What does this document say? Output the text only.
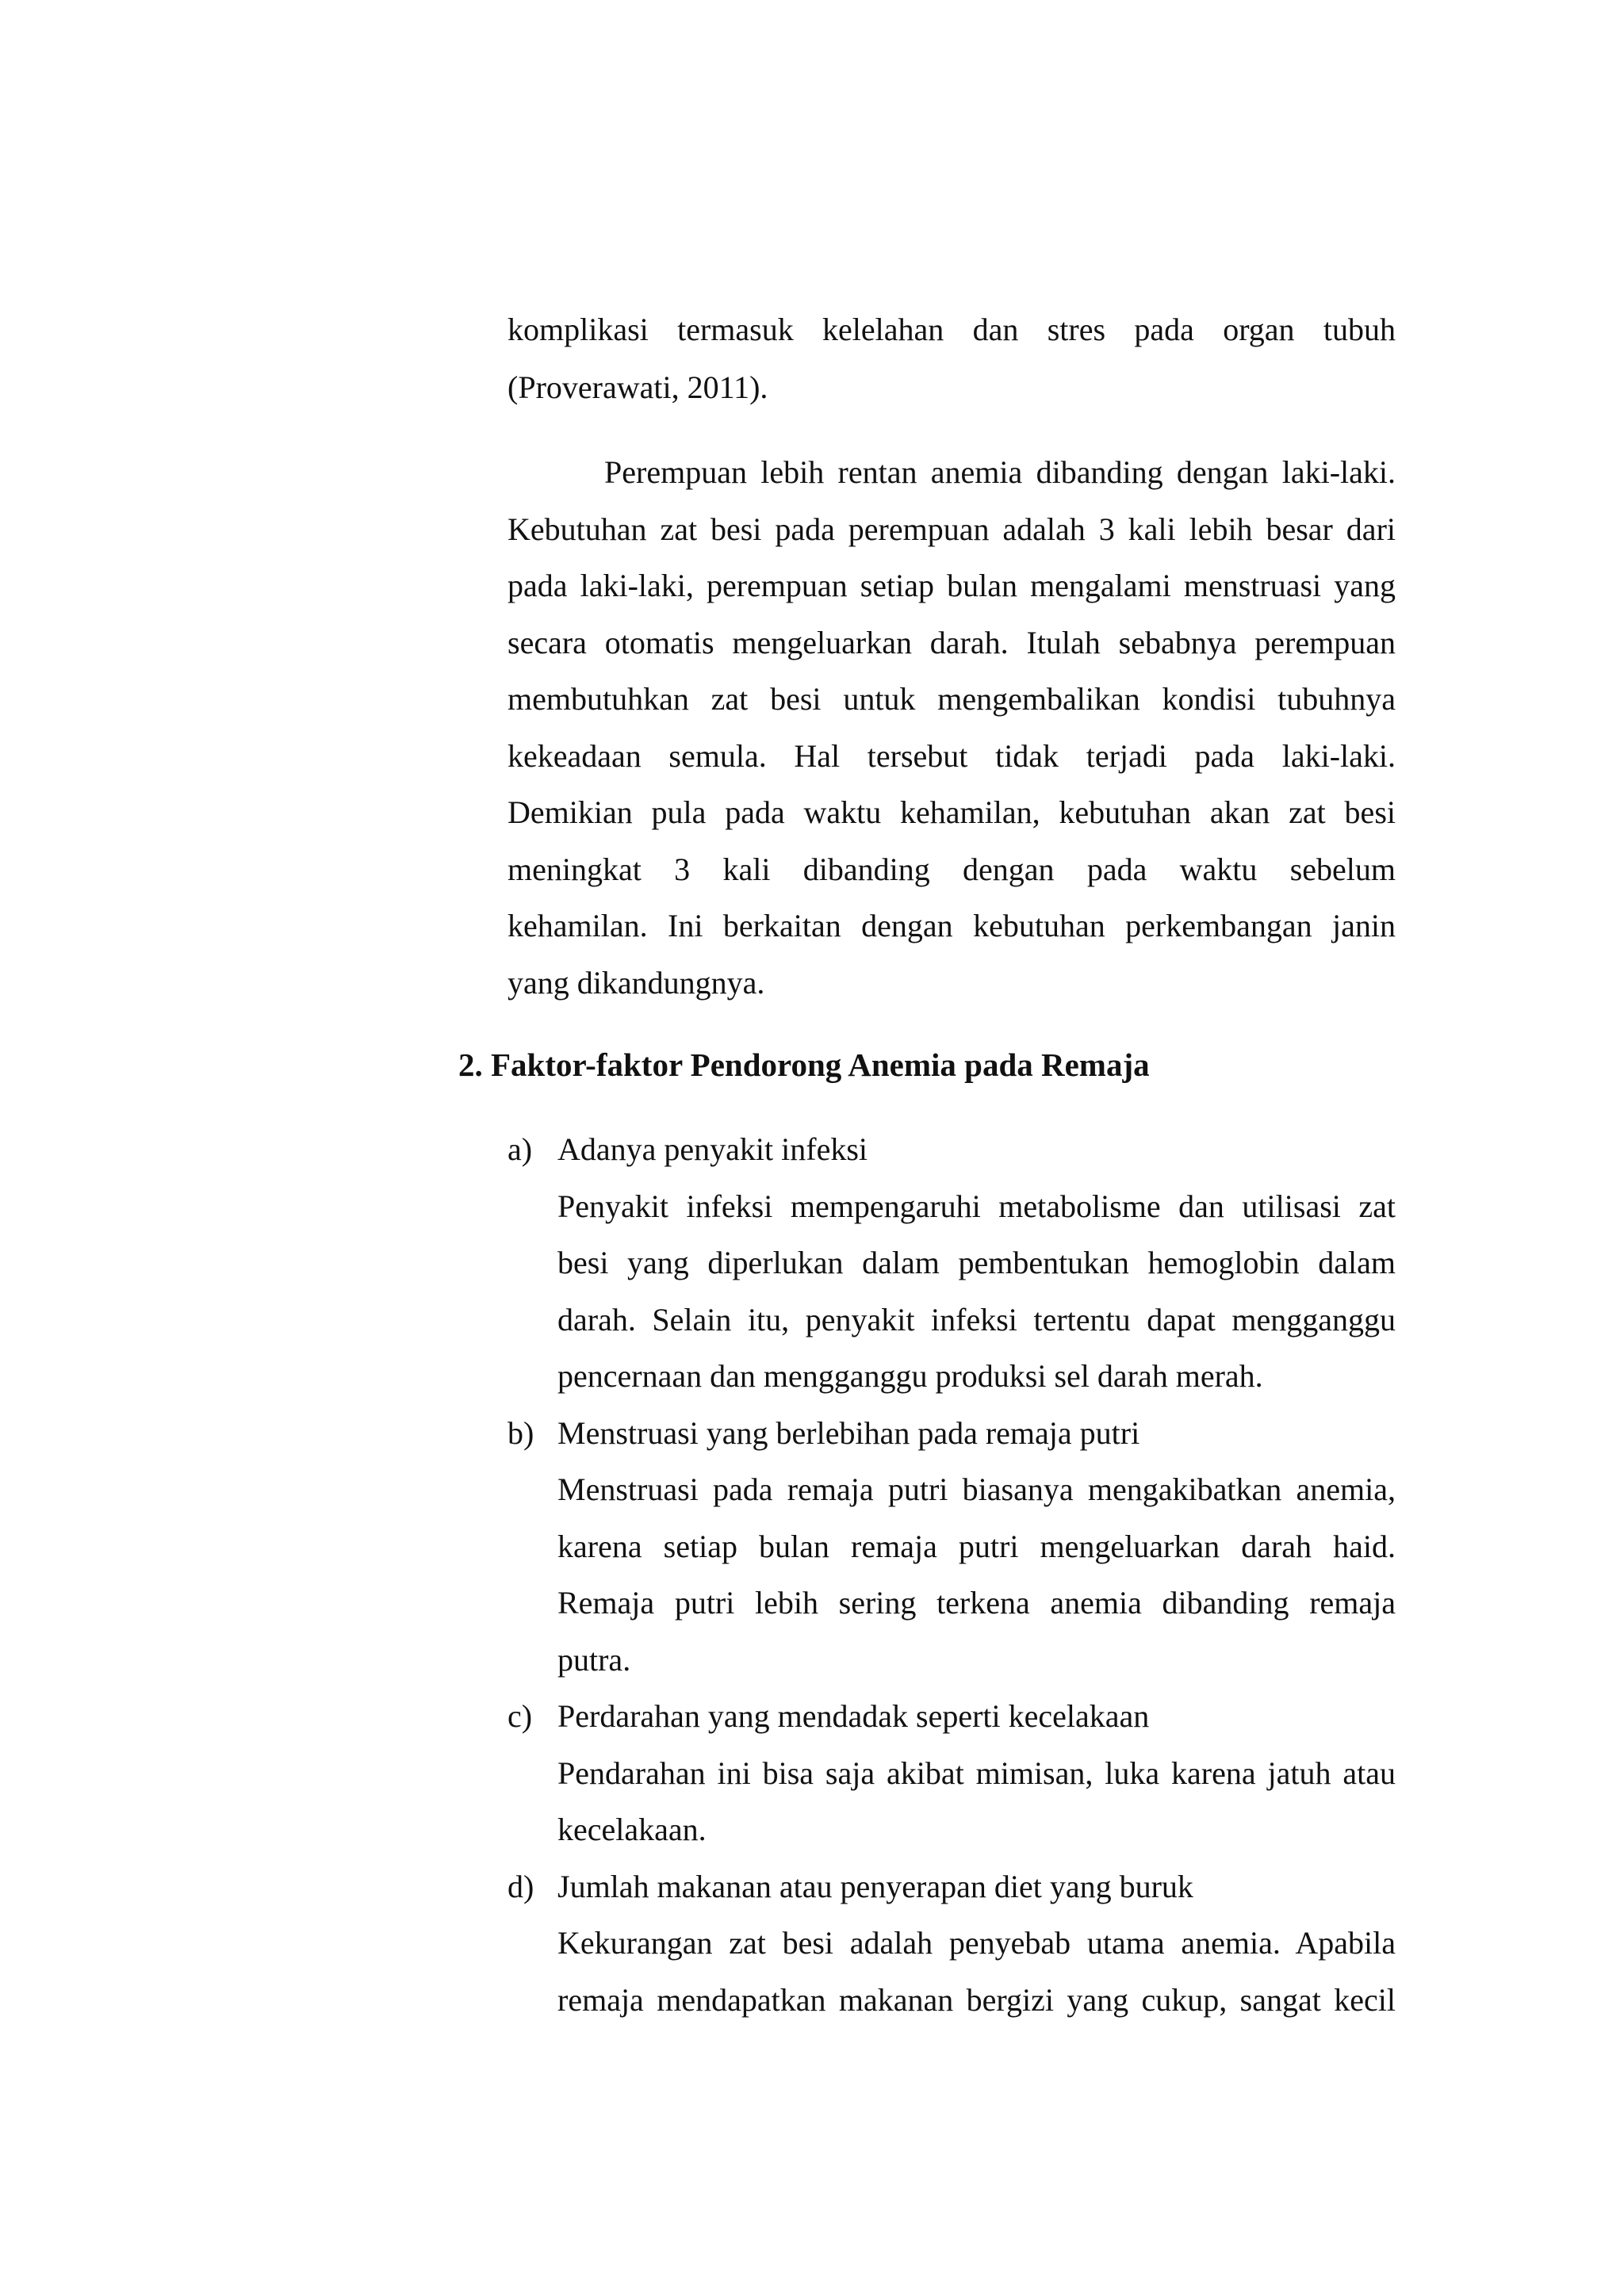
komplikasi termasuk kelelahan dan stres pada organ tubuh
(Proverawati, 2011).
Perempuan lebih rentan anemia dibanding dengan laki-laki.
Kebutuhan zat besi pada perempuan adalah 3 kali lebih besar dari
pada laki-laki, perempuan setiap bulan mengalami menstruasi yang
secara otomatis mengeluarkan darah. Itulah sebabnya perempuan
membutuhkan zat besi untuk mengembalikan kondisi tubuhnya
kekeadaan semula. Hal tersebut tidak terjadi pada laki-laki.
Demikian pula pada waktu kehamilan, kebutuhan akan zat besi
meningkat 3 kali dibanding dengan pada waktu sebelum
kehamilan. Ini berkaitan dengan kebutuhan perkembangan janin
yang dikandungnya.
2. Faktor-faktor Pendorong Anemia pada Remaja
a) Adanya penyakit infeksi
Penyakit infeksi mempengaruhi metabolisme dan utilisasi zat
besi yang diperlukan dalam pembentukan hemoglobin dalam
darah. Selain itu, penyakit infeksi tertentu dapat mengganggu
pencernaan dan mengganggu produksi sel darah merah.
b) Menstruasi yang berlebihan pada remaja putri
Menstruasi pada remaja putri biasanya mengakibatkan anemia,
karena setiap bulan remaja putri mengeluarkan darah haid.
Remaja putri lebih sering terkena anemia dibanding remaja
putra.
c) Perdarahan yang mendadak seperti kecelakaan
Pendarahan ini bisa saja akibat mimisan, luka karena jatuh atau
kecelakaan.
d) Jumlah makanan atau penyerapan diet yang buruk
Kekurangan zat besi adalah penyebab utama anemia. Apabila
remaja mendapatkan makanan bergizi yang cukup, sangat kecil
